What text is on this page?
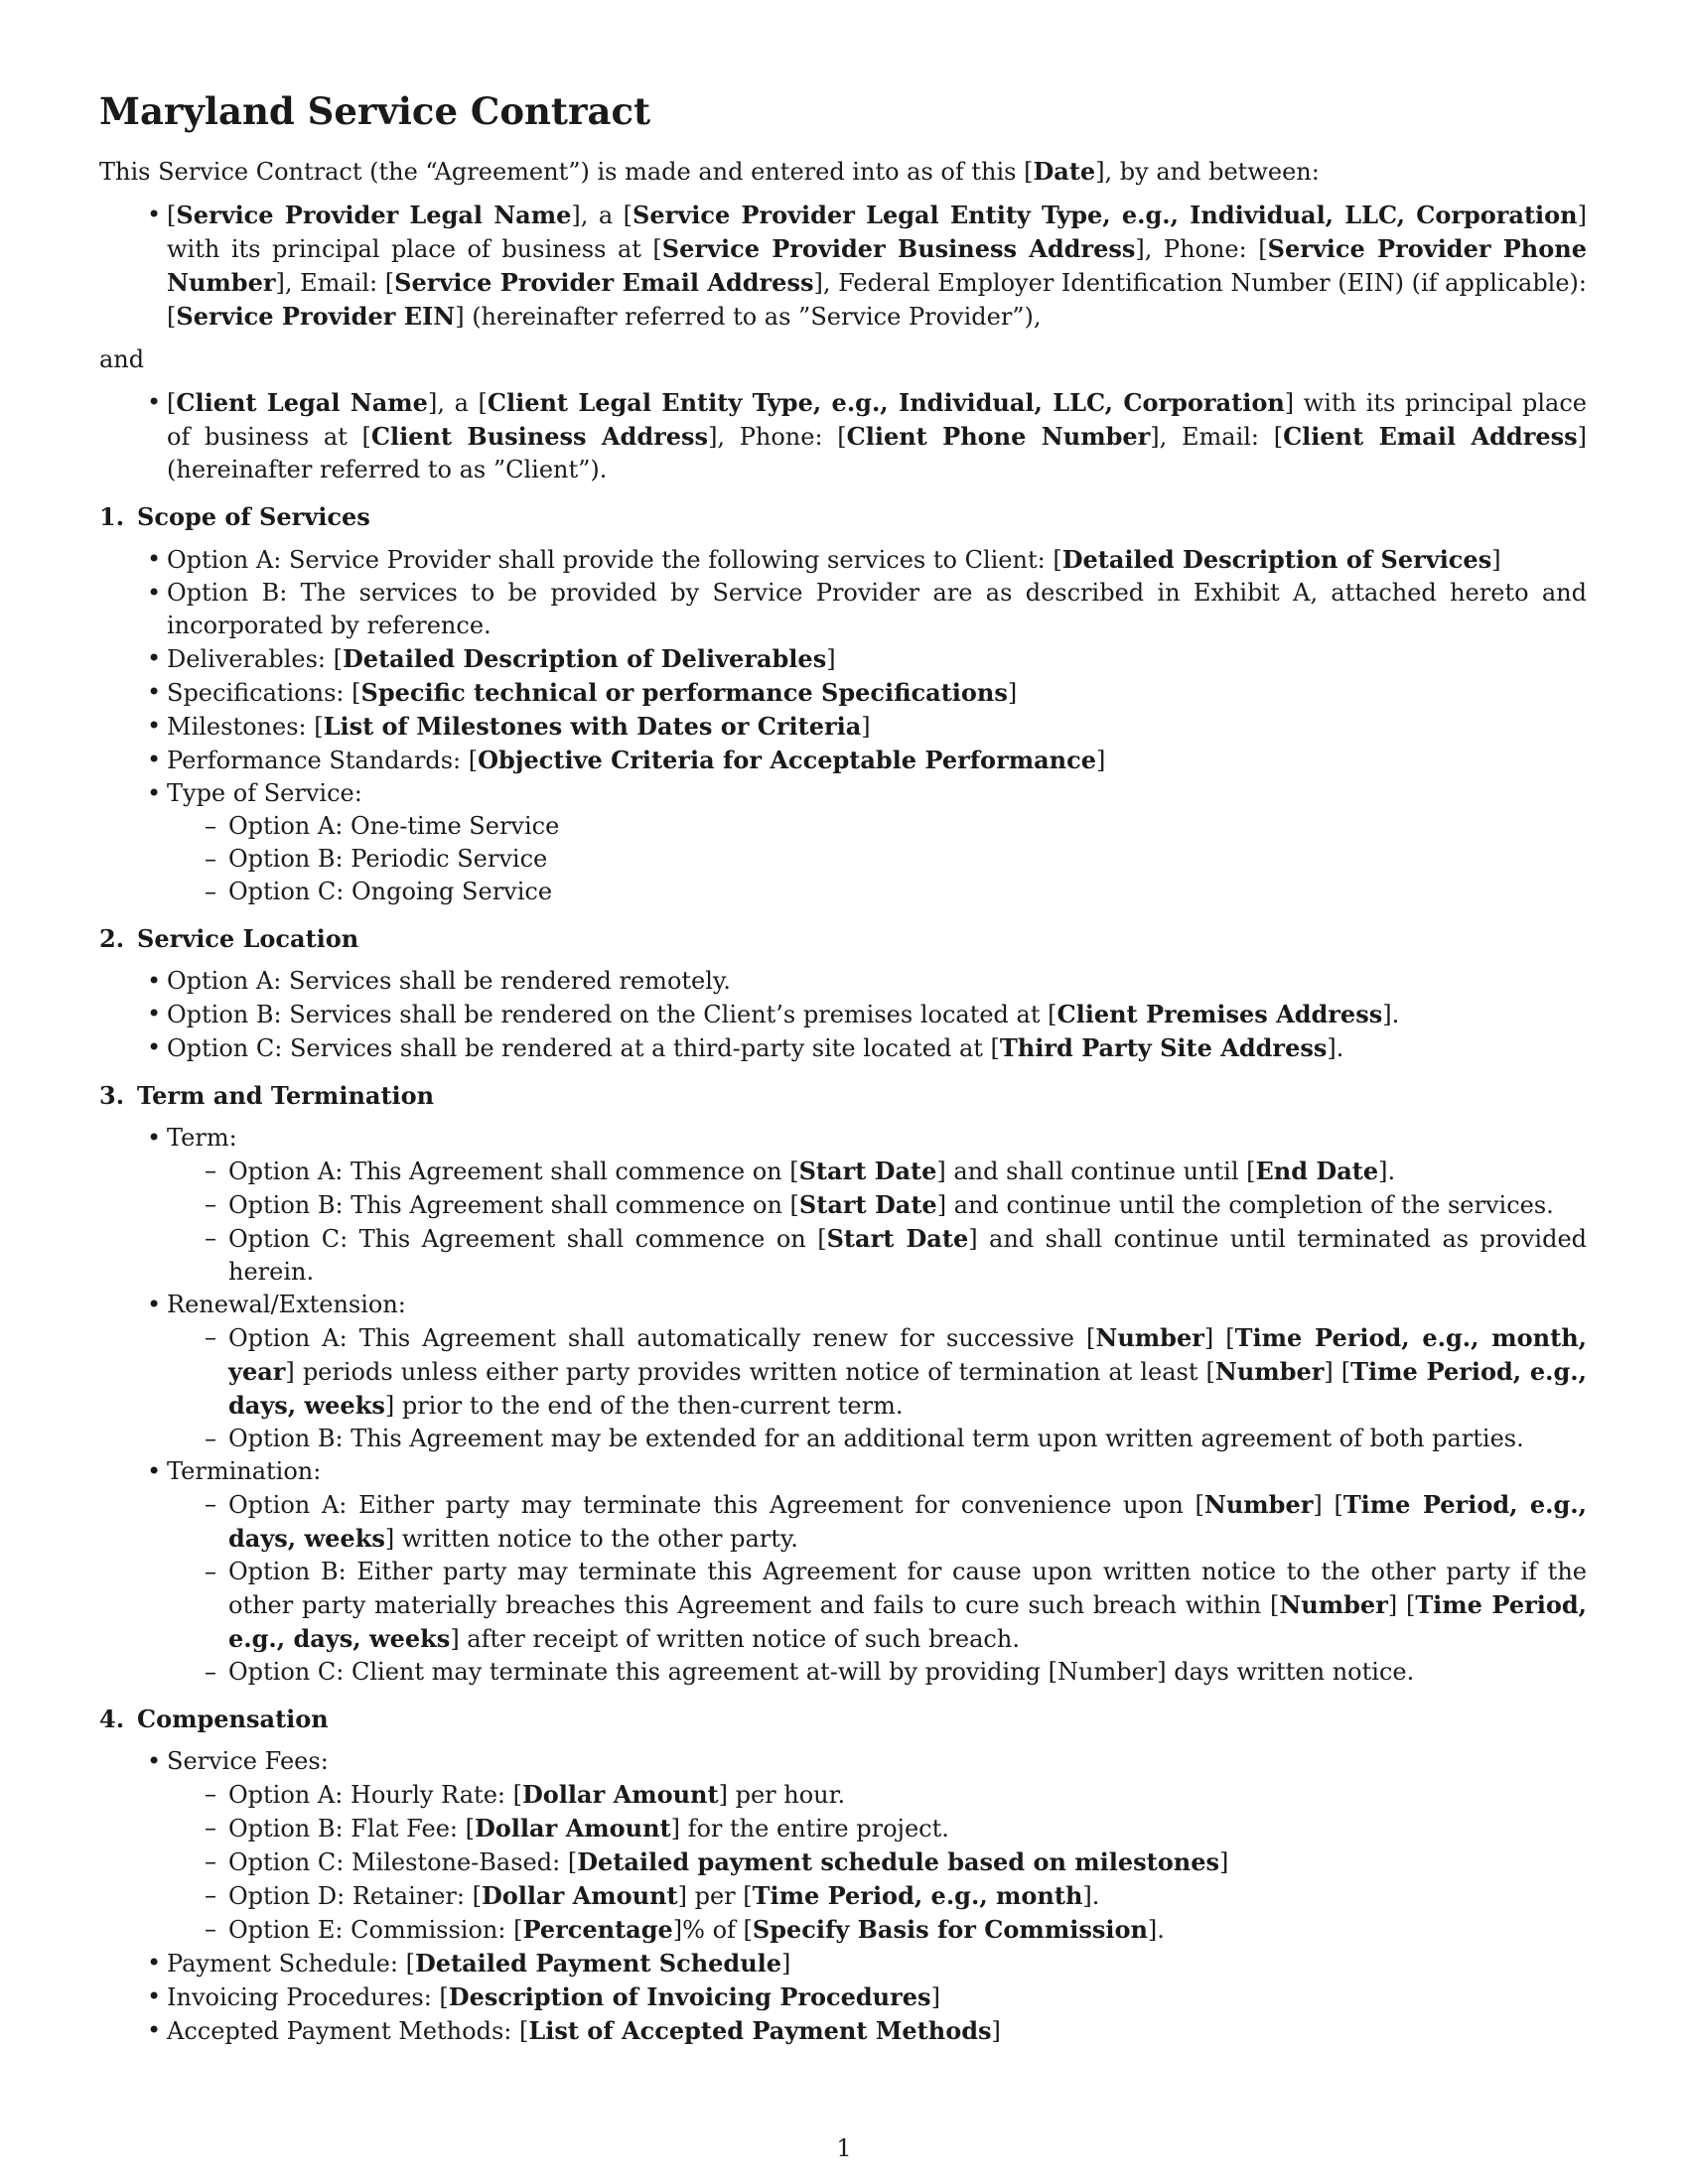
Maryland Service Contract

This Service Contract (the “Agreement”) is made and entered into as of this [Date], by and between:

• [Service Provider Legal Name], a [Service Provider Legal Entity Type, e.g., Individual, LLC, Corporation] with its principal place of business at [Service Provider Business Address], Phone: [Service Provider Phone Number], Email: [Service Provider Email Address], Federal Employer Identification Number (EIN) (if applicable): [Service Provider EIN] (hereinafter referred to as ”Service Provider”),

and

• [Client Legal Name], a [Client Legal Entity Type, e.g., Individual, LLC, Corporation] with its principal place of business at [Client Business Address], Phone: [Client Phone Number], Email: [Client Email Address] (hereinafter referred to as ”Client”).
1. Scope of Services
• Option A: Service Provider shall provide the following services to Client: [Detailed Description of Services]
• Option B: The services to be provided by Service Provider are as described in Exhibit A, attached hereto and incorporated by reference.
• Deliverables: [Detailed Description of Deliverables]
• Specifications: [Specific technical or performance Specifications]
• Milestones: [List of Milestones with Dates or Criteria]
• Performance Standards: [Objective Criteria for Acceptable Performance]
• Type of Service:
– Option A: One-time Service
– Option B: Periodic Service
– Option C: Ongoing Service
2. Service Location
• Option A: Services shall be rendered remotely.
• Option B: Services shall be rendered on the Client’s premises located at [Client Premises Address].
• Option C: Services shall be rendered at a third-party site located at [Third Party Site Address].
3. Term and Termination
• Term:
– Option A: This Agreement shall commence on [Start Date] and shall continue until [End Date].
– Option B: This Agreement shall commence on [Start Date] and continue until the completion of the services.
– Option C: This Agreement shall commence on [Start Date] and shall continue until terminated as provided herein.
• Renewal/Extension:
– Option A: This Agreement shall automatically renew for successive [Number] [Time Period, e.g., month, year] periods unless either party provides written notice of termination at least [Number] [Time Period, e.g., days, weeks] prior to the end of the then-current term.
– Option B: This Agreement may be extended for an additional term upon written agreement of both parties.
• Termination:
– Option A: Either party may terminate this Agreement for convenience upon [Number] [Time Period, e.g., days, weeks] written notice to the other party.
– Option B: Either party may terminate this Agreement for cause upon written notice to the other party if the other party materially breaches this Agreement and fails to cure such breach within [Number] [Time Period, e.g., days, weeks] after receipt of written notice of such breach.
– Option C: Client may terminate this agreement at-will by providing [Number] days written notice.
4. Compensation
• Service Fees:
– Option A: Hourly Rate: [Dollar Amount] per hour.
– Option B: Flat Fee: [Dollar Amount] for the entire project.
– Option C: Milestone-Based: [Detailed payment schedule based on milestones]
– Option D: Retainer: [Dollar Amount] per [Time Period, e.g., month].
– Option E: Commission: [Percentage]% of [Specify Basis for Commission].
• Payment Schedule: [Detailed Payment Schedule]
• Invoicing Procedures: [Description of Invoicing Procedures]
• Accepted Payment Methods: [List of Accepted Payment Methods]
1
